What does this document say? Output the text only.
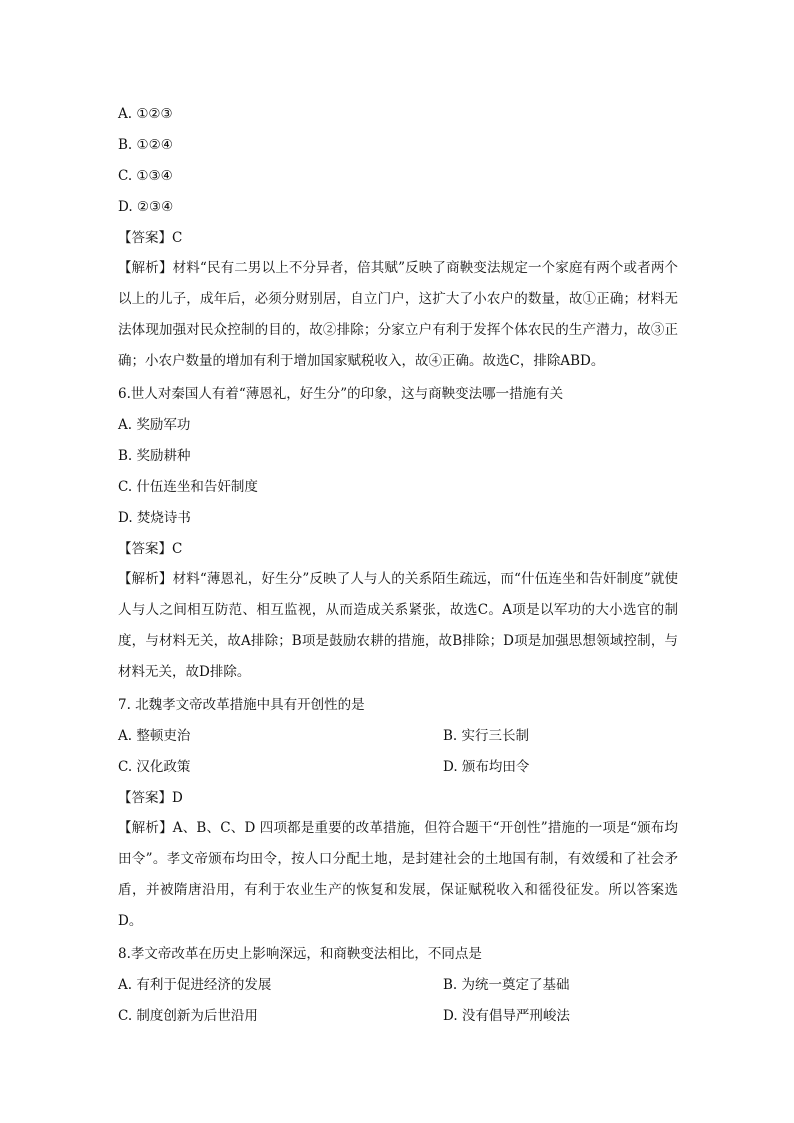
A. ①②③
B. ①②④
C. ①③④
D. ②③④
【答案】C
【解析】材料“民有二男以上不分异者，倍其赋”反映了商鞅变法规定一个家庭有两个或者两个以上的儿子，成年后，必须分财别居，自立门户，这扩大了小农户的数量，故①正确；材料无法体现加强对民众控制的目的，故②排除；分家立户有利于发挥个体农民的生产潜力，故③正确；小农户数量的增加有利于增加国家赋税收入，故④正确。故选C，排除ABD。
6.世人对秦国人有着“薄恩礼，好生分”的印象，这与商鞅变法哪一措施有关
A. 奖励军功
B. 奖励耕种
C. 什伍连坐和告奸制度
D. 焚烧诗书
【答案】C
【解析】材料“薄恩礼，好生分”反映了人与人的关系陌生疏远，而“什伍连坐和告奸制度”就使人与人之间相互防范、相互监视，从而造成关系紧张，故选C。A项是以军功的大小选官的制度，与材料无关，故A排除；B项是鼓励农耕的措施，故B排除；D项是加强思想领域控制，与材料无关，故D排除。
7. 北魏孝文帝改革措施中具有开创性的是
A. 整顿吏治	B. 实行三长制
C. 汉化政策	D. 颁布均田令
【答案】D
【解析】A、B、C、D 四项都是重要的改革措施，但符合题干“开创性”措施的一项是“颁布均田令”。孝文帝颁布均田令，按人口分配土地，是封建社会的土地国有制，有效缓和了社会矛盾，并被隋唐沿用，有利于农业生产的恢复和发展，保证赋税收入和徭役征发。所以答案选D。
8.孝文帝改革在历史上影响深远，和商鞅变法相比，不同点是
A. 有利于促进经济的发展	B. 为统一奠定了基础
C. 制度创新为后世沿用	D. 没有倡导严刑峻法
